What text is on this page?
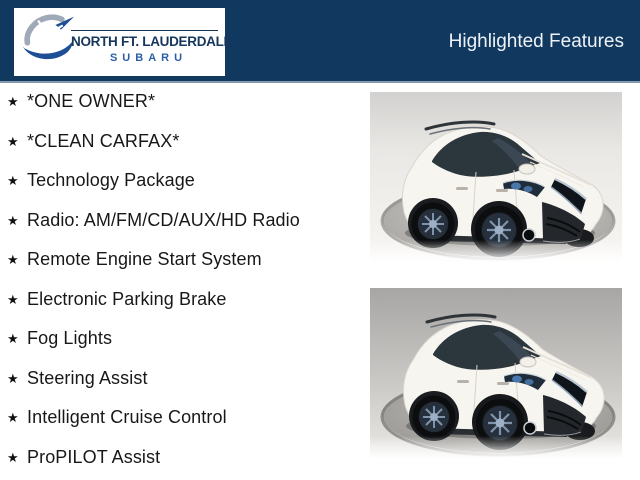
NORTH FT. LAUDERDALE
SUBARU
Highlighted Features
★ *ONE OWNER*
★ *CLEAN CARFAX*
★ Technology Package
★ Radio: AM/FM/CD/AUX/HD Radio
★ Remote Engine Start System
★ Electronic Parking Brake
★ Fog Lights
★ Steering Assist
★ Intelligent Cruise Control
★ ProPILOT Assist
